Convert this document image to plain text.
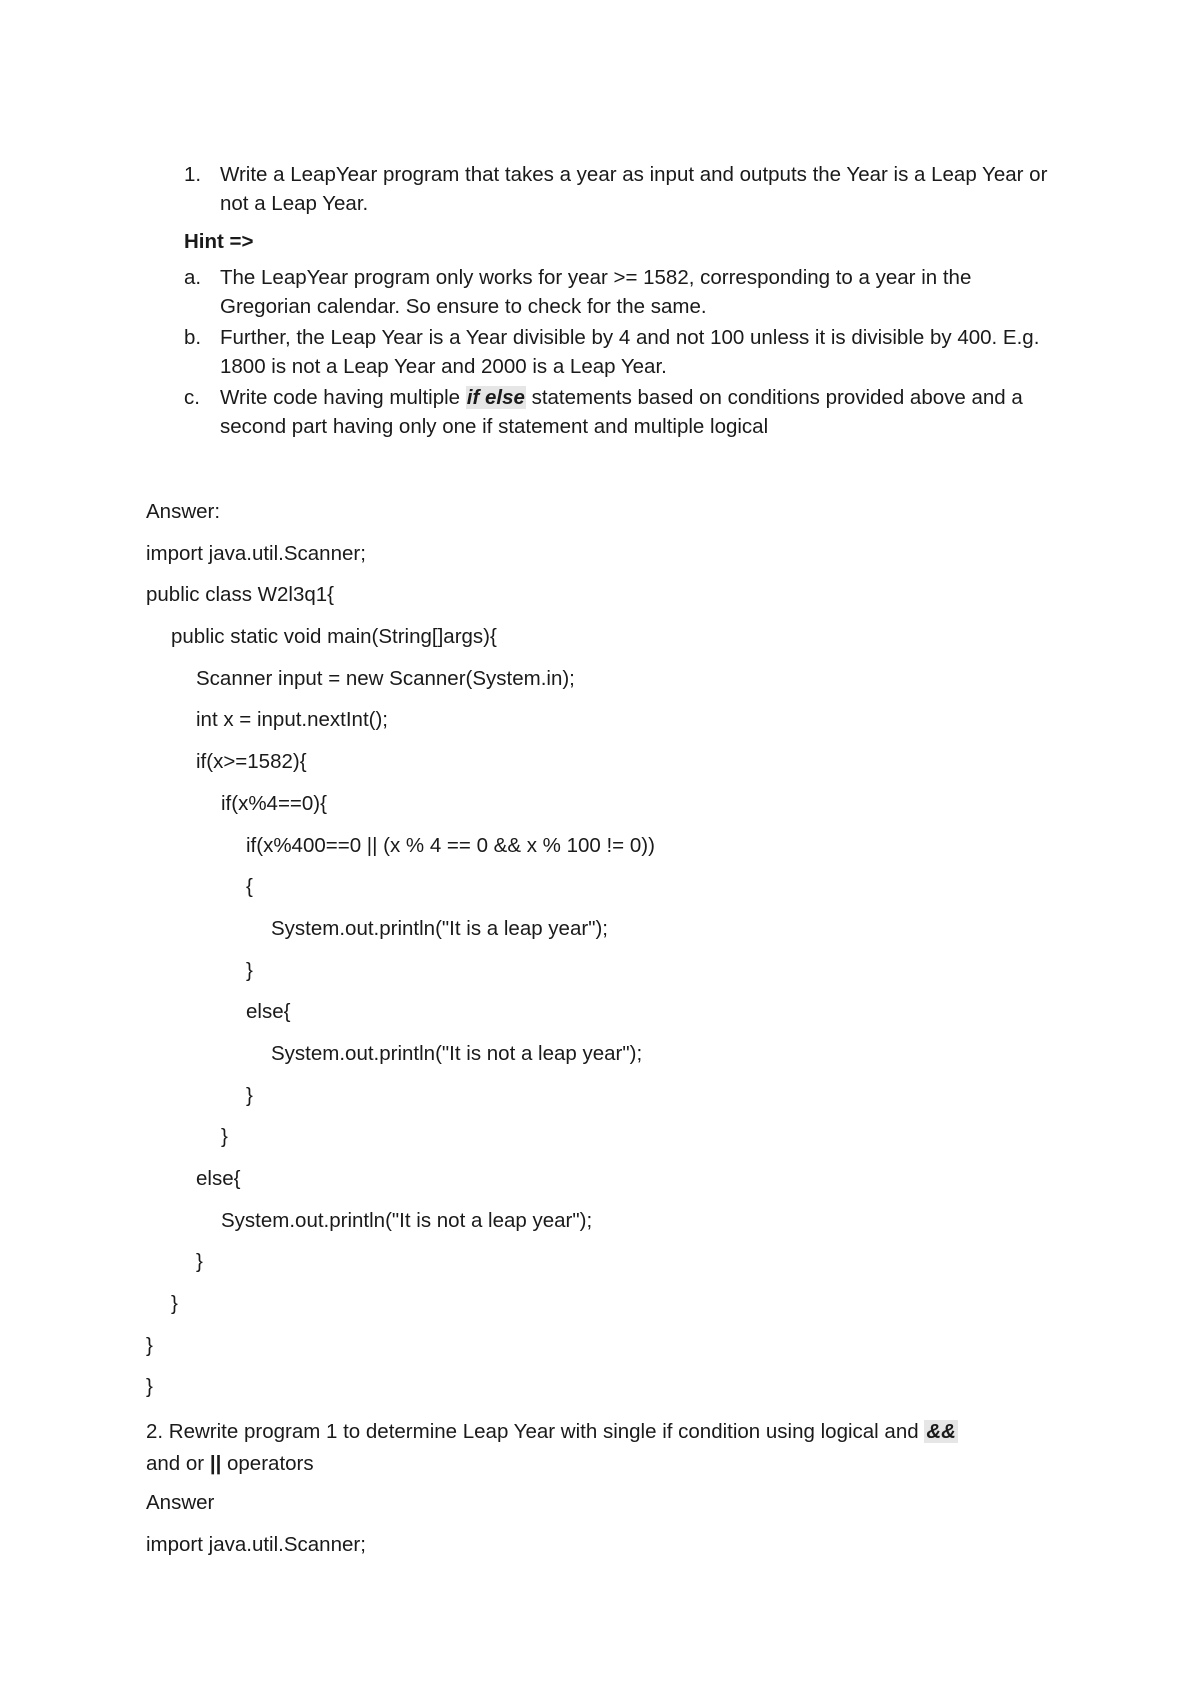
1. Write a LeapYear program that takes a year as input and outputs the Year is a Leap Year or not a Leap Year.
Hint =>
a. The LeapYear program only works for year >= 1582, corresponding to a year in the Gregorian calendar. So ensure to check for the same.
b. Further, the Leap Year is a Year divisible by 4 and not 100 unless it is divisible by 400. E.g. 1800 is not a Leap Year and 2000 is a Leap Year.
c. Write code having multiple if else statements based on conditions provided above and a second part having only one if statement and multiple logical
Answer:
import java.util.Scanner;
public class W2l3q1{
public static void main(String[]args){
Scanner input = new Scanner(System.in);
int x = input.nextInt();
if(x>=1582){
if(x%4==0){
if(x%400==0 || (x % 4 == 0 && x % 100 != 0))
{
System.out.println("It is a leap year");
}
else{
System.out.println("It is not a leap year");
}
}
else{
System.out.println("It is not a leap year");
}
}
}
}
2. Rewrite program 1 to determine Leap Year with single if condition using logical and &&
and or || operators
Answer
import java.util.Scanner;
